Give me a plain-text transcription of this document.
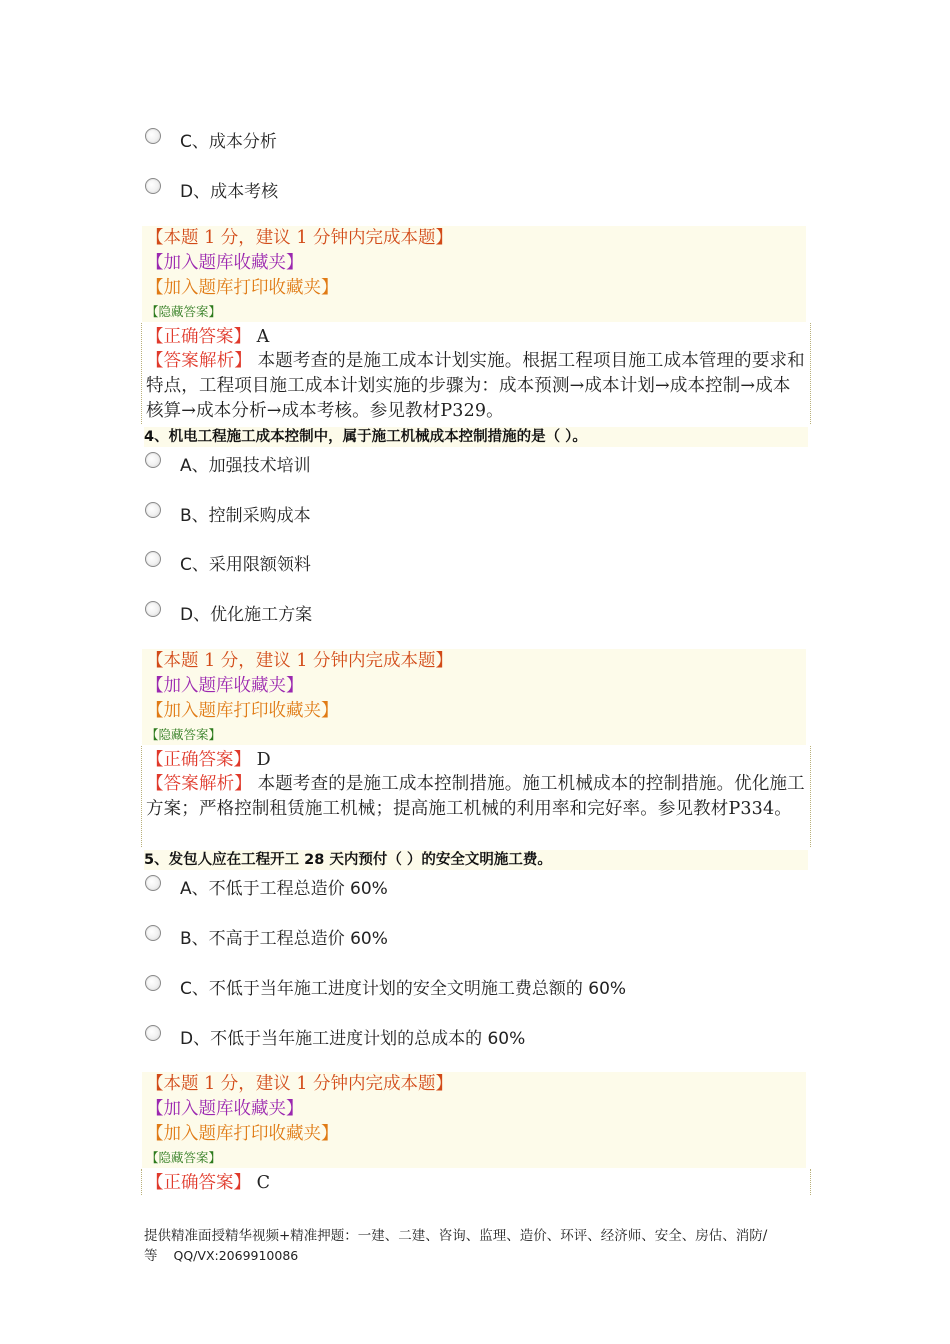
C、成本分析
D、成本考核
【本题 1 分，建议 1 分钟内完成本题】
【加入题库收藏夹】
【加入题库打印收藏夹】
【隐藏答案】
【正确答案】 A
【答案解析】 本题考查的是施工成本计划实施。根据工程项目施工成本管理的要求和特点，工程项目施工成本计划实施的步骤为：成本预测→成本计划→成本控制→成本核算→成本分析→成本考核。参见教材P329。
4、机电工程施工成本控制中，属于施工机械成本控制措施的是（ ）。
A、加强技术培训
B、控制采购成本
C、采用限额领料
D、优化施工方案
【本题 1 分，建议 1 分钟内完成本题】
【加入题库收藏夹】
【加入题库打印收藏夹】
【隐藏答案】
【正确答案】 D
【答案解析】 本题考查的是施工成本控制措施。施工机械成本的控制措施。优化施工方案；严格控制租赁施工机械；提高施工机械的利用率和完好率。参见教材P334。
5、发包人应在工程开工 28 天内预付（ ）的安全文明施工费。
A、不低于工程总造价 60%
B、不高于工程总造价 60%
C、不低于当年施工进度计划的安全文明施工费总额的 60%
D、不低于当年施工进度计划的总成本的 60%
【本题 1 分，建议 1 分钟内完成本题】
【加入题库收藏夹】
【加入题库打印收藏夹】
【隐藏答案】
【正确答案】 C
提供精准面授精华视频+精准押题：一建、二建、咨询、监理、造价、环评、经济师、安全、房估、消防/
等 QQ/VX:2069910086
